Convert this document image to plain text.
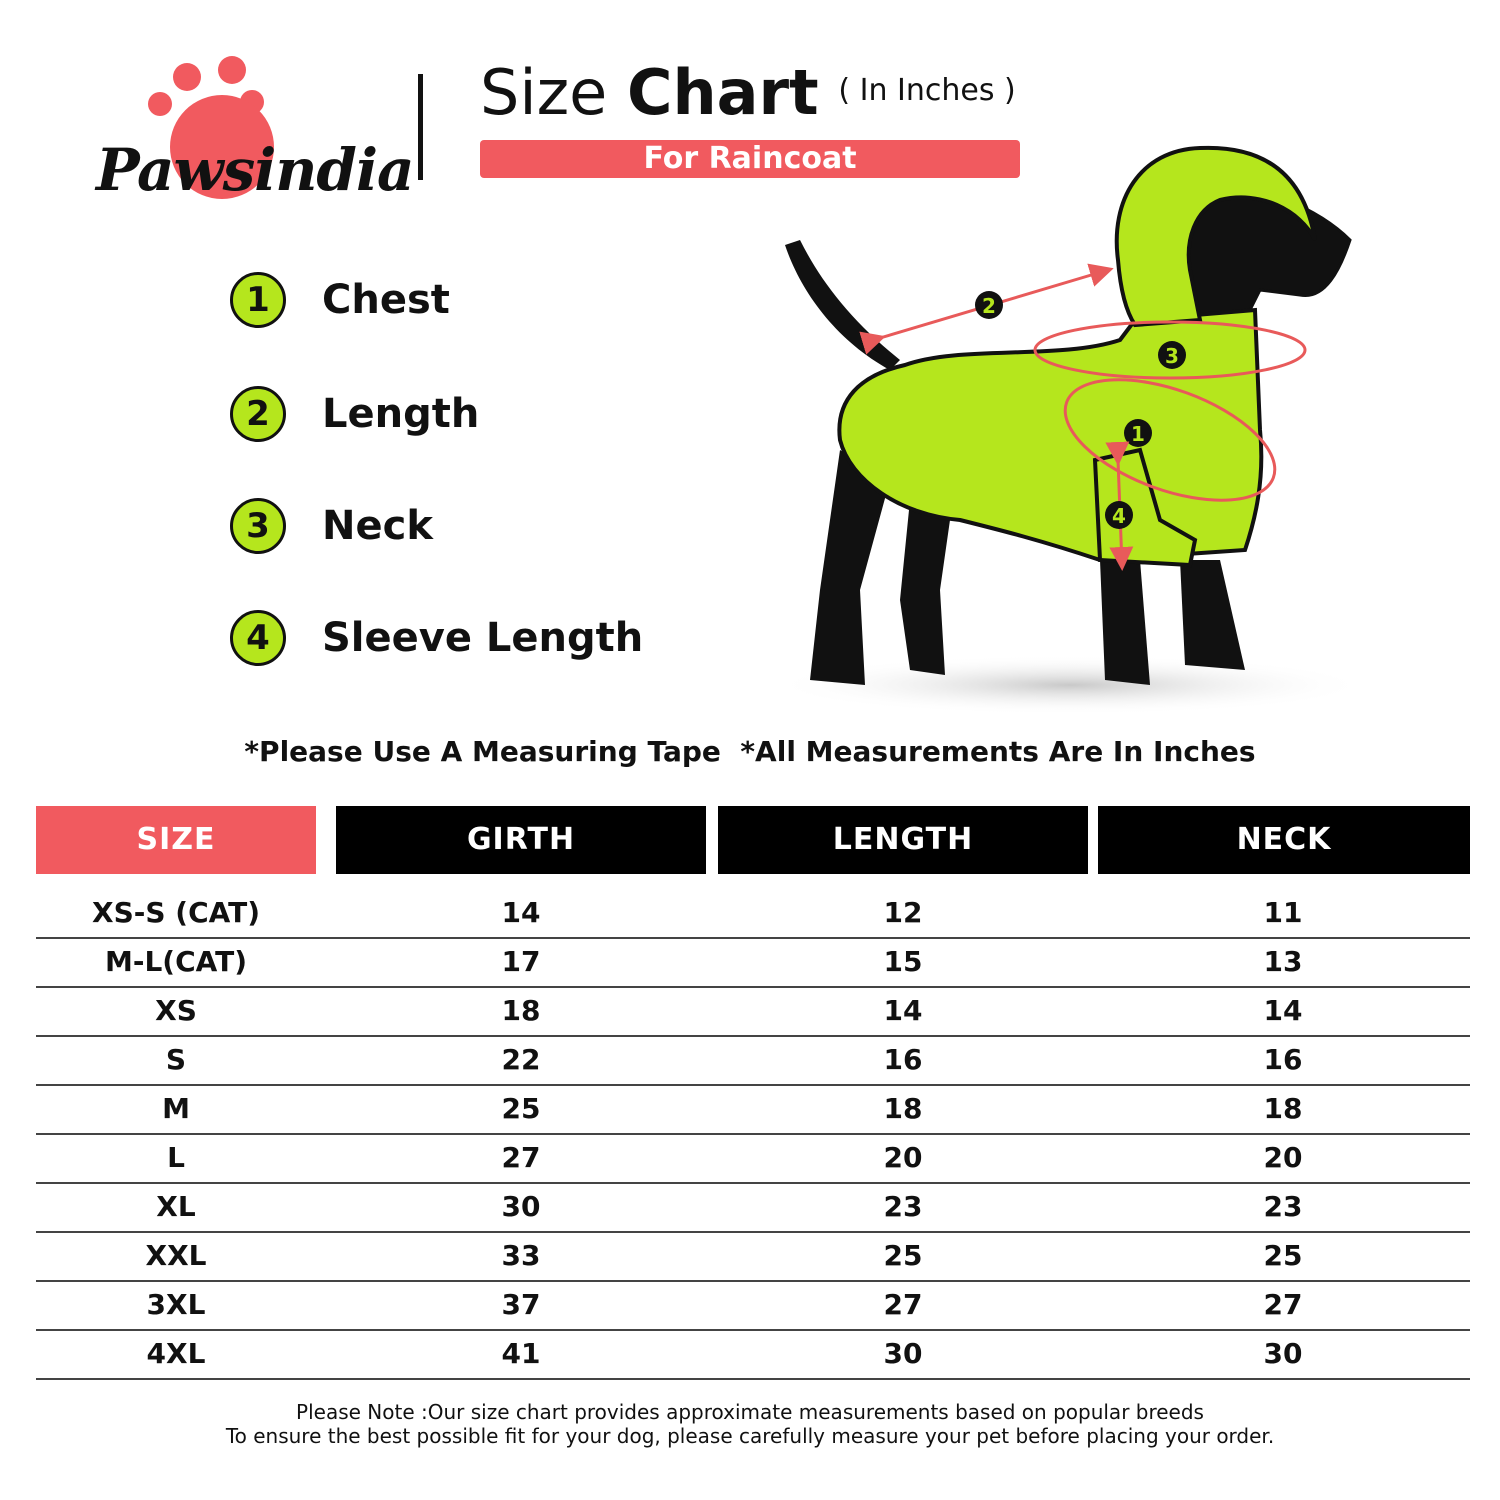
Pawsindia
Size Chart $^{( In Inches )}$
For Raincoat
1	Chest
2	Length
3	Neck
4	Sleeve Length
2
3
1
4
*Please Use A Measuring Tape  *All Measurements Are In Inches
SIZE	GIRTH	LENGTH	NECK
XS-S (CAT)	14	12	11
M-L(CAT)	17	15	13
XS	18	14	14
S	22	16	16
M	25	18	18
L	27	20	20
XL	30	23	23
XXL	33	25	25
3XL	37	27	27
4XL	41	30	30
Please Note :Our size chart provides approximate measurements based on popular breeds
To ensure the best possible fit for your dog, please carefully measure your pet before placing your order.
